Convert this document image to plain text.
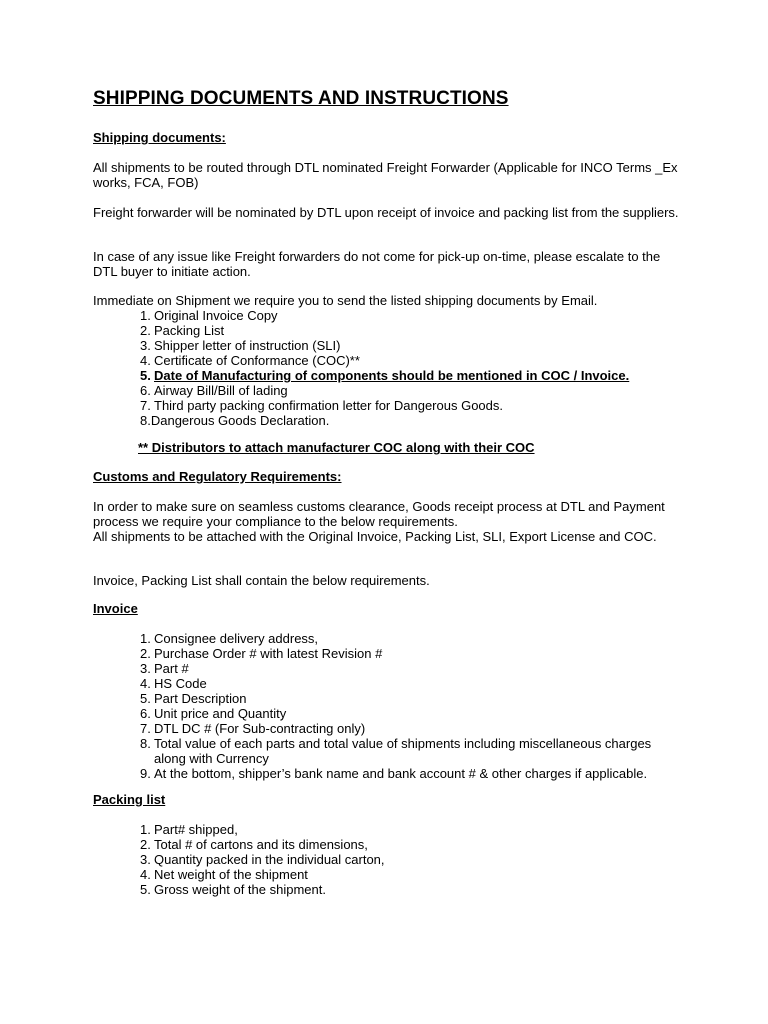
SHIPPING DOCUMENTS AND INSTRUCTIONS
Shipping documents:

All shipments to be routed through DTL nominated Freight Forwarder (Applicable for INCO Terms _Ex works, FCA, FOB)

Freight forwarder will be nominated by DTL upon receipt of invoice and packing list from the suppliers.

In case of any issue like Freight forwarders do not come for pick-up on-time, please escalate to the DTL buyer to initiate action.

Immediate on Shipment we require you to send the listed shipping documents by Email.

1. Original Invoice Copy
2. Packing List
3. Shipper letter of instruction (SLI)
4. Certificate of Conformance (COC)**
5. Date of Manufacturing of components should be mentioned in COC / Invoice.
6. Airway Bill/Bill of lading
7. Third party packing confirmation letter for Dangerous Goods.
8.Dangerous Goods Declaration.
** Distributors to attach manufacturer COC along with their COC
Customs and Regulatory Requirements:

In order to make sure on seamless customs clearance, Goods receipt process at DTL and Payment process we require your compliance to the below requirements.

All shipments to be attached with the Original Invoice, Packing List, SLI, Export License and COC.

Invoice, Packing List shall contain the below requirements.

Invoice
1. Consignee delivery address,
2. Purchase Order # with latest Revision #
3. Part #
4. HS Code
5. Part Description
6. Unit price and Quantity
7. DTL DC # (For Sub-contracting only)
8. Total value of each parts and total value of shipments including miscellaneous charges along with Currency
9. At the bottom, shipper’s bank name and bank account # & other charges if applicable.
Packing list
1. Part# shipped,
2. Total # of cartons and its dimensions,
3. Quantity packed in the individual carton,
4. Net weight of the shipment
5. Gross weight of the shipment.
